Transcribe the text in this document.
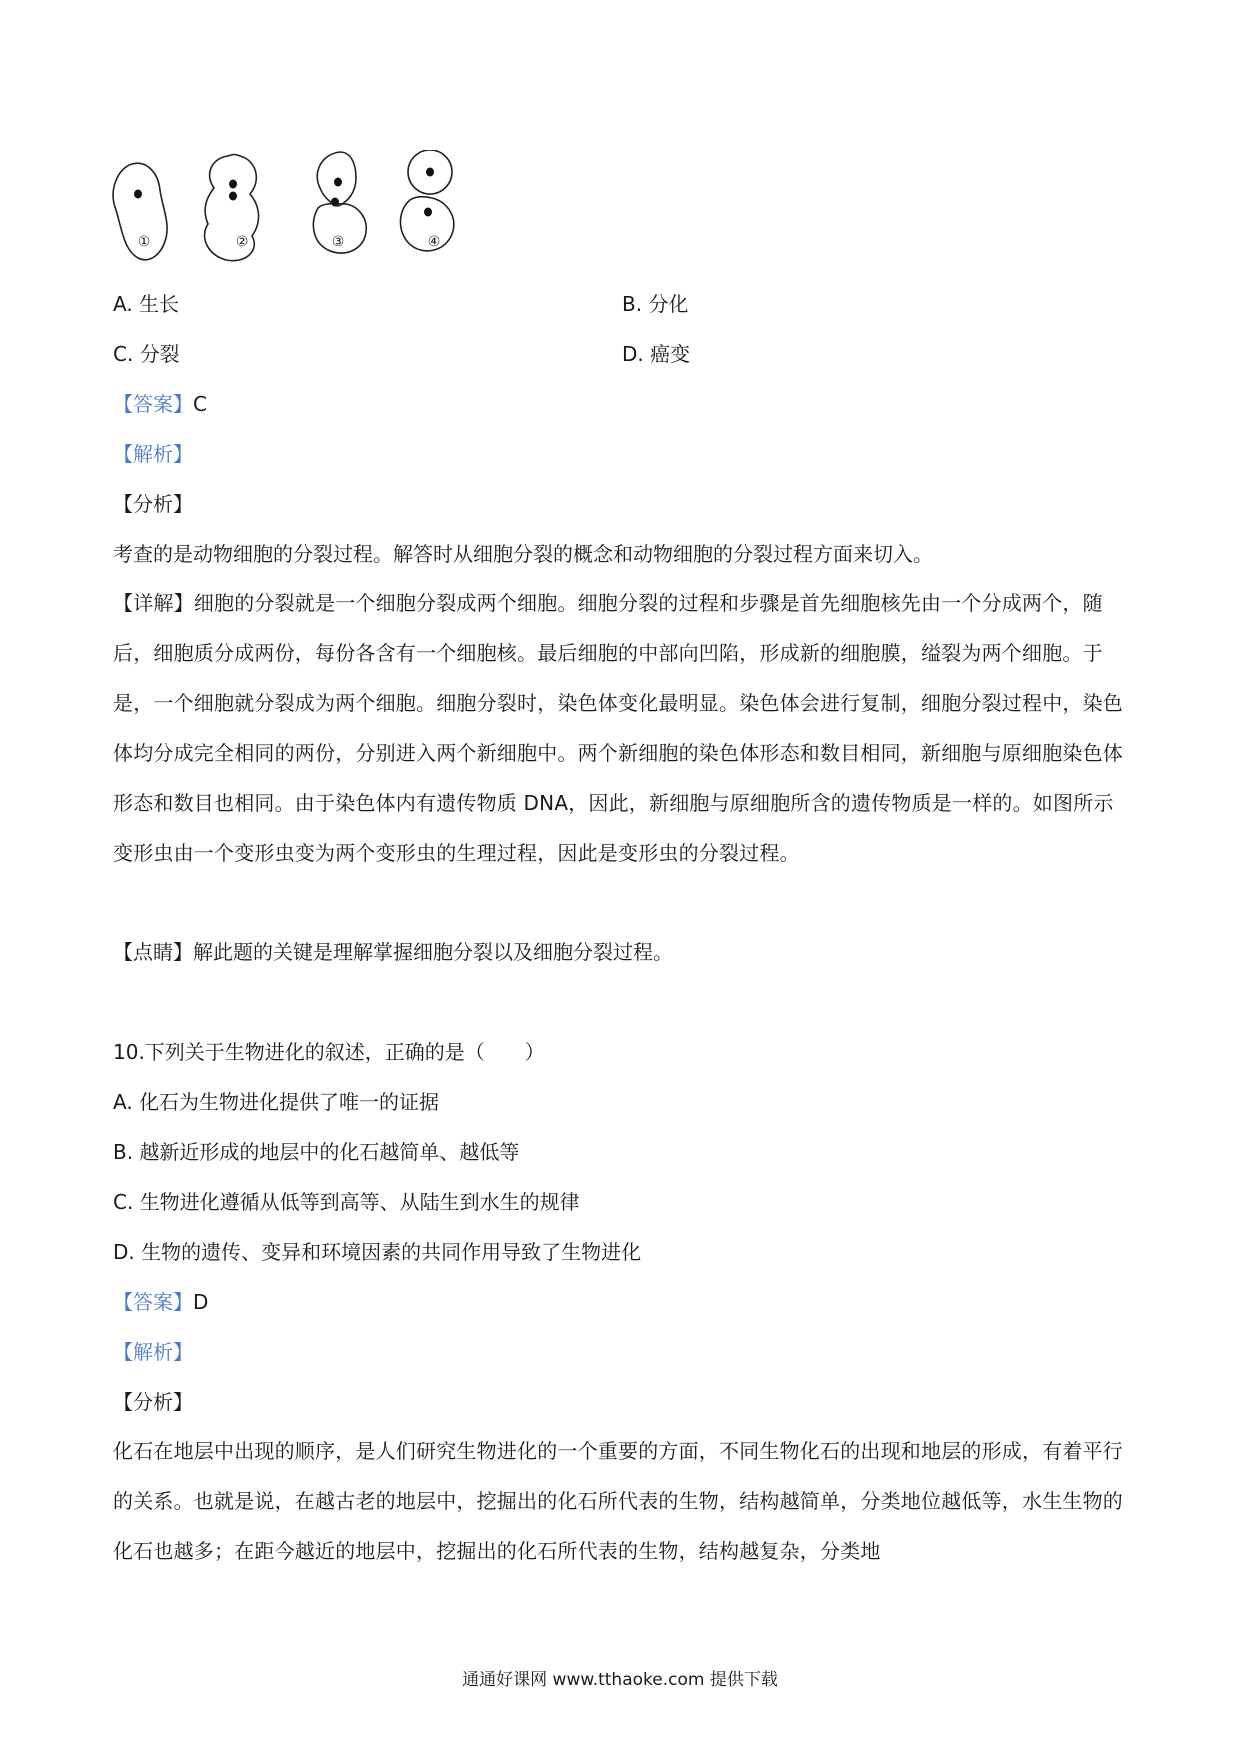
①	②	③	④
A. 生长	B. 分化
C. 分裂	D. 癌变
【答案】C
【解析】
【分析】
考查的是动物细胞的分裂过程。解答时从细胞分裂的概念和动物细胞的分裂过程方面来切入。
【详解】细胞的分裂就是一个细胞分裂成两个细胞。细胞分裂的过程和步骤是首先细胞核先由一个分成两个，随后，细胞质分成两份，每份各含有一个细胞核。最后细胞的中部向凹陷，形成新的细胞膜，缢裂为两个细胞。于是，一个细胞就分裂成为两个细胞。细胞分裂时，染色体变化最明显。染色体会进行复制，细胞分裂过程中，染色体均分成完全相同的两份，分别进入两个新细胞中。两个新细胞的染色体形态和数目相同，新细胞与原细胞染色体形态和数目也相同。由于染色体内有遗传物质 DNA，因此，新细胞与原细胞所含的遗传物质是一样的。如图所示变形虫由一个变形虫变为两个变形虫的生理过程，因此是变形虫的分裂过程。
【点睛】解此题的关键是理解掌握细胞分裂以及细胞分裂过程。
10.下列关于生物进化的叙述，正确的是（　　）
A. 化石为生物进化提供了唯一的证据
B. 越新近形成的地层中的化石越简单、越低等
C. 生物进化遵循从低等到高等、从陆生到水生的规律
D. 生物的遗传、变异和环境因素的共同作用导致了生物进化
【答案】D
【解析】
【分析】
化石在地层中出现的顺序，是人们研究生物进化的一个重要的方面，不同生物化石的出现和地层的形成，有着平行的关系。也就是说，在越古老的地层中，挖掘出的化石所代表的生物，结构越简单，分类地位越低等，水生生物的化石也越多；在距今越近的地层中，挖掘出的化石所代表的生物，结构越复杂，分类地
通通好课网 www.tthaoke.com 提供下载
